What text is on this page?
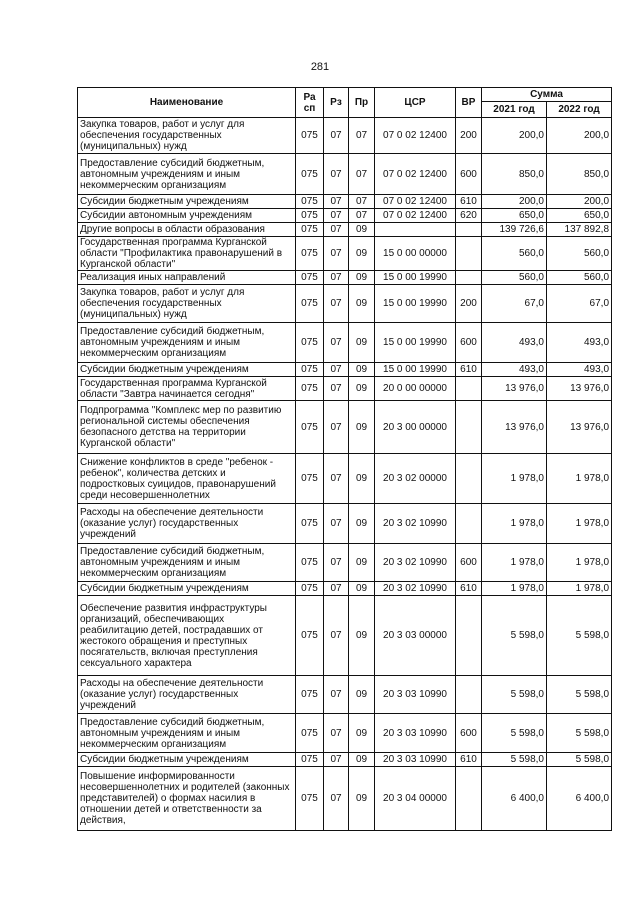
281
Наименование	Ра сп	Рз	Пр	ЦСР	ВР	Сумма	
						2021 год	2022 год
Закупка товаров, работ и услуг для обеспечения государственных (муниципальных) нужд	075	07	07	07 0 02 12400	200	200,0	200,0
Предоставление субсидий бюджетным, автономным учреждениям и иным некоммерческим организациям	075	07	07	07 0 02 12400	600	850,0	850,0
Субсидии бюджетным учреждениям	075	07	07	07 0 02 12400	610	200,0	200,0
Субсидии автономным учреждениям	075	07	07	07 0 02 12400	620	650,0	650,0
Другие вопросы в области образования	075	07	09			139 726,6	137 892,8
Государственная программа Курганской области "Профилактика правонарушений в Курганской области"	075	07	09	15 0 00 00000		560,0	560,0
Реализация иных направлений	075	07	09	15 0 00 19990		560,0	560,0
Закупка товаров, работ и услуг для обеспечения государственных (муниципальных) нужд	075	07	09	15 0 00 19990	200	67,0	67,0
Предоставление субсидий бюджетным, автономным учреждениям и иным некоммерческим организациям	075	07	09	15 0 00 19990	600	493,0	493,0
Субсидии бюджетным учреждениям	075	07	09	15 0 00 19990	610	493,0	493,0
Государственная программа Курганской области "Завтра начинается сегодня"	075	07	09	20 0 00 00000		13 976,0	13 976,0
Подпрограмма "Комплекс мер по развитию региональной системы обеспечения безопасного детства на территории Курганской области"	075	07	09	20 3 00 00000		13 976,0	13 976,0
Снижение конфликтов в среде "ребенок - ребенок", количества детских и подростковых суицидов, правонарушений среди несовершеннолетних	075	07	09	20 3 02 00000		1 978,0	1 978,0
Расходы на обеспечение деятельности (оказание услуг) государственных учреждений	075	07	09	20 3 02 10990		1 978,0	1 978,0
Предоставление субсидий бюджетным, автономным учреждениям и иным некоммерческим организациям	075	07	09	20 3 02 10990	600	1 978,0	1 978,0
Субсидии бюджетным учреждениям	075	07	09	20 3 02 10990	610	1 978,0	1 978,0
Обеспечение развития инфраструктуры организаций, обеспечивающих реабилитацию детей, пострадавших от жестокого обращения и преступных посягательств, включая преступления сексуального характера	075	07	09	20 3 03 00000		5 598,0	5 598,0
Расходы на обеспечение деятельности (оказание услуг) государственных учреждений	075	07	09	20 3 03 10990		5 598,0	5 598,0
Предоставление субсидий бюджетным, автономным учреждениям и иным некоммерческим организациям	075	07	09	20 3 03 10990	600	5 598,0	5 598,0
Субсидии бюджетным учреждениям	075	07	09	20 3 03 10990	610	5 598,0	5 598,0
Повышение информированности несовершеннолетних и родителей (законных представителей) о формах насилия в отношении детей и ответственности за действия,	075	07	09	20 3 04 00000		6 400,0	6 400,0
